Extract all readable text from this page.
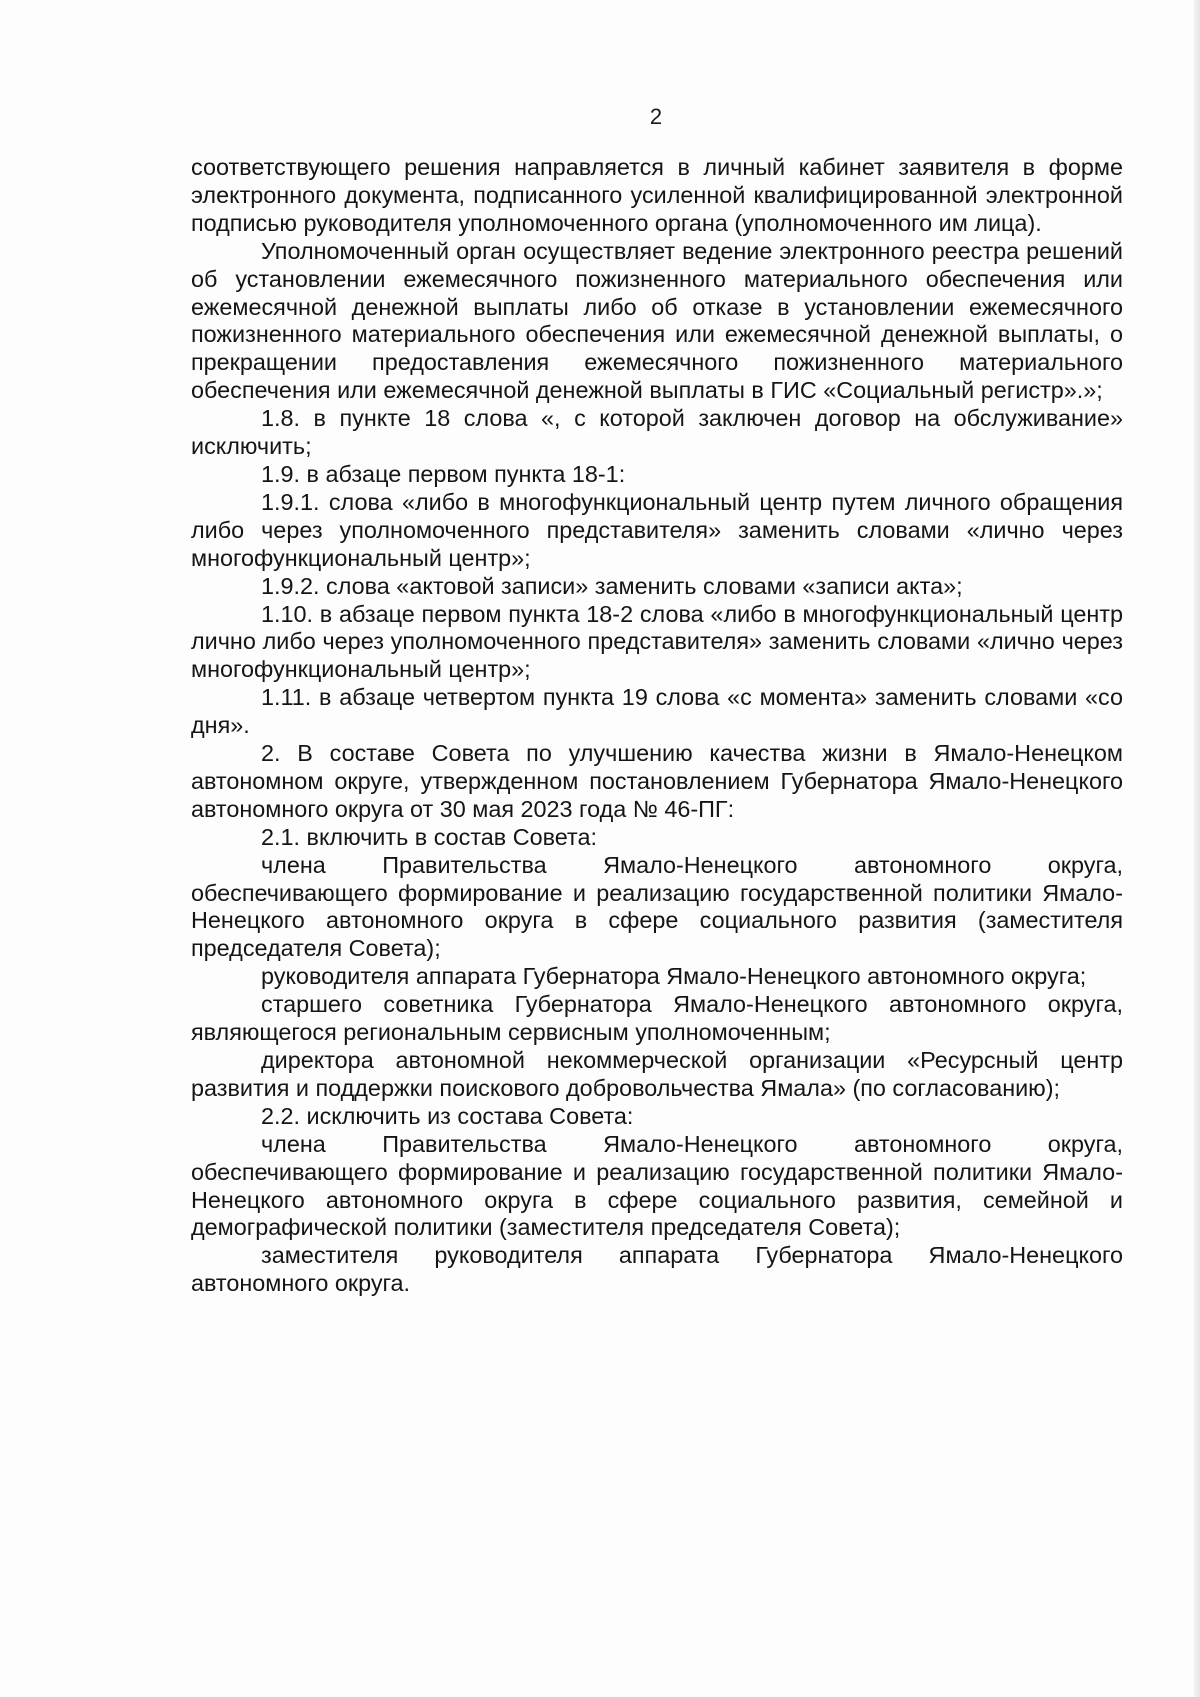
2

соответствующего решения направляется в личный кабинет заявителя в форме электронного документа, подписанного усиленной квалифицированной электронной подписью руководителя уполномоченного органа (уполномоченного им лица).

Уполномоченный орган осуществляет ведение электронного реестра решений об установлении ежемесячного пожизненного материального обеспечения или ежемесячной денежной выплаты либо об отказе в установлении ежемесячного пожизненного материального обеспечения или ежемесячной денежной выплаты, о прекращении предоставления ежемесячного пожизненного материального обеспечения или ежемесячной денежной выплаты в ГИС «Социальный регистр».»;

1.8. в пункте 18 слова «, с которой заключен договор на обслуживание» исключить;

1.9. в абзаце первом пункта 18-1:

1.9.1. слова «либо в многофункциональный центр путем личного обращения либо через уполномоченного представителя» заменить словами «лично через многофункциональный центр»;

1.9.2. слова «актовой записи» заменить словами «записи акта»;

1.10. в абзаце первом пункта 18-2 слова «либо в многофункциональный центр лично либо через уполномоченного представителя» заменить словами «лично через многофункциональный центр»;

1.11. в абзаце четвертом пункта 19 слова «с момента» заменить словами «со дня».

2. В составе Совета по улучшению качества жизни в Ямало-Ненецком автономном округе, утвержденном постановлением Губернатора Ямало-Ненецкого автономного округа от 30 мая 2023 года № 46-ПГ:

2.1. включить в состав Совета:

члена Правительства Ямало-Ненецкого автономного округа, обеспечивающего формирование и реализацию государственной политики Ямало-Ненецкого автономного округа в сфере социального развития (заместителя председателя Совета);

руководителя аппарата Губернатора Ямало-Ненецкого автономного округа;

старшего советника Губернатора Ямало-Ненецкого автономного округа, являющегося региональным сервисным уполномоченным;

директора автономной некоммерческой организации «Ресурсный центр развития и поддержки поискового добровольчества Ямала» (по согласованию);

2.2. исключить из состава Совета:

члена Правительства Ямало-Ненецкого автономного округа, обеспечивающего формирование и реализацию государственной политики Ямало-Ненецкого автономного округа в сфере социального развития, семейной и демографической политики (заместителя председателя Совета);

заместителя руководителя аппарата Губернатора Ямало-Ненецкого автономного округа.
